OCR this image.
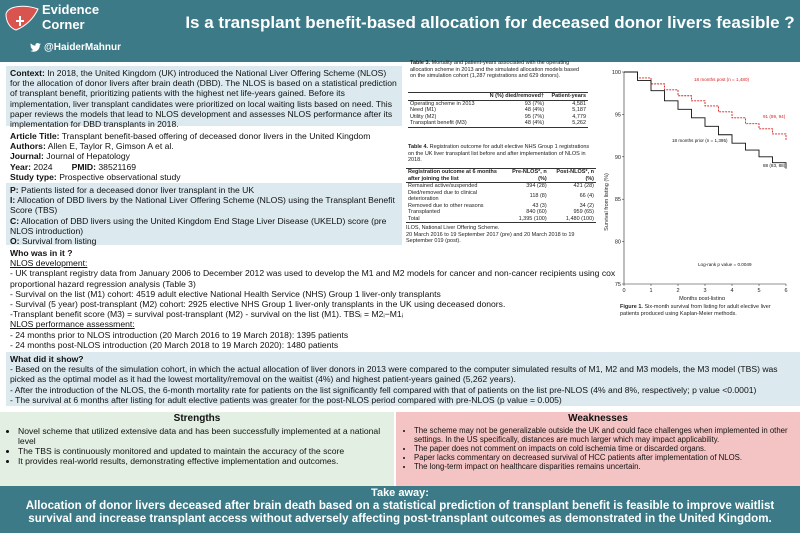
Evidence
Corner
@HaiderMahnur
Is a transplant benefit-based allocation for deceased donor livers feasible ?
Context: In 2018, the United Kingdom (UK) introduced the National Liver Offering Scheme (NLOS) for the allocation of donor livers after brain death (DBD). The NLOS is based on a statistical prediction of transplant benefit, prioritizing patients with the highest net life-years gained. Before its implementation, liver transplant candidates were prioritized on local waiting lists based on need. This paper reviews the models that lead to NLOS development and assesses NLOS performance after its implementation for DBD transplants in 2018.
Article Title: Transplant benefit-based offering of deceased donor livers in the United Kingdom
Authors: Allen E, Taylor R, Gimson A et al.
Journal: Journal of Hepatology
Year: 2024 PMID: 38521169
Study type: Prospective observational study
P: Patients listed for a deceased donor liver transplant in the UK
I: Allocation of DBD livers by the National Liver Offering Scheme (NLOS) using the Transplant Benefit Score (TBS)
C: Allocation of DBD livers using the United Kingdom End Stage Liver Disease (UKELD) score (pre NLOS introduction)
O: Survival from listing
Who was in it ?
NLOS development:
- UK transplant registry data from January 2006 to December 2012 was used to develop the M1 and M2 models for cancer and non-cancer recipients using cox proportional hazard regression analysis (Table 3)
- Survival on the list (M1) cohort: 4519 adult elective National Health Service (NHS) Group 1 liver-only transplants
- Survival (5 year) post-transplant (M2) cohort: 2925 elective NHS Group 1 liver-only transplants in the UK using deceased donors.
-Transplant benefit score (M3) = survival post-transplant (M2) - survival on the list (M1). TBSᵢ = M2ᵢ−M1ᵢ
NLOS performance assessment:
- 24 months prior to NLOS introduction (20 March 2016 to 19 March 2018): 1395 patients
- 24 months post-NLOS introduction (20 March 2018 to 19 March 2020): 1480 patients
What did it show?
- Based on the results of the simulation cohort, in which the actual allocation of liver donors in 2013 were compared to the computer simulated results of M1, M2 and M3 models, the M3 model (TBS) was picked as the optimal model as it had the lowest mortality/removal on the waitist (4%) and highest patient-years gained (5,262 years).
- After the introduction of the NLOS, the 6-month mortality rate for patients on the list significantly fell compared with that of patients on the list pre-NLOS (4% and 8%, respectively; p value <0.0001)
- The survival at 6 months after listing for adult elective patients was greater for the post-NLOS period compared with pre-NLOS (p value = 0.005)
Strengths
• Novel scheme that utilized extensive data and has been successfully implemented at a national level
• The TBS is continuously monitored and updated to maintain the accuracy of the score
• It provides real-world results, demonstrating effective implementation and outcomes.
Weaknesses
• The scheme may not be generalizable outside the UK and could face challenges when implemented in other settings. In the US specifically, distances are much larger which may impact applicability.
• The paper does not comment on impacts on cold ischemia time or discarded organs.
• Paper lacks commentary on decreased survival of HCC patients after implementation of NLOS.
• The long-term impact on healthcare disparities remains uncertain.
Take away:
Allocation of donor livers deceased after brain death based on a statistical prediction of transplant benefit is feasible to improve waitlist survival and increase transplant access without adversely affecting post-transplant outcomes as demonstrated in the United Kingdom.
Table 3. Mortality and patient-years associated with the operating allocation scheme in 2013 and the simulated allocation models based on the simulation cohort (1,287 registrations and 629 donors).
	N (%) died/removed†	Patient-years
Operating scheme in 2013	93 (7%)	4,581
Need (M1)	48 (4%)	5,187
Utility (M2)	95 (7%)	4,779
Transplant benefit (M3)	48 (4%)	5,262
Table 4. Registration outcome for adult elective NHS Group 1 registrations on the UK liver transplant list before and after implementation of NLOS in 2018.
Registration outcome at 6 months after joining the list	Pre-NLOS*, n (%)	Post-NLOS*, n (%)
Remained active/suspended	394 (28)	421 (28)
Died/removed due to clinical deterioration	118 (8)	66 (4)
Removed due to other reasons	43 (3)	34 (2)
Transplanted	840 (60)	959 (65)
Total	1,395 (100)	1,480 (100)
ILOS, National Liver Offering Scheme.
20 March 2016 to 19 September 2017 (pre) and 20 March 2018 to 19 September 019 (post).
75
80
85
90
95
100
0	1	2	3	4	5	6
Survival from listing (%)
Months post-listing
18 months post (n = 1,480)
18 months prior (n = 1,395)
91 (89, 94)
88 (83, 88)
Log-rank p value = 0.0049
Figure 1. Six-month survival from listing for adult elective liver patients produced using Kaplan-Meier methods.
